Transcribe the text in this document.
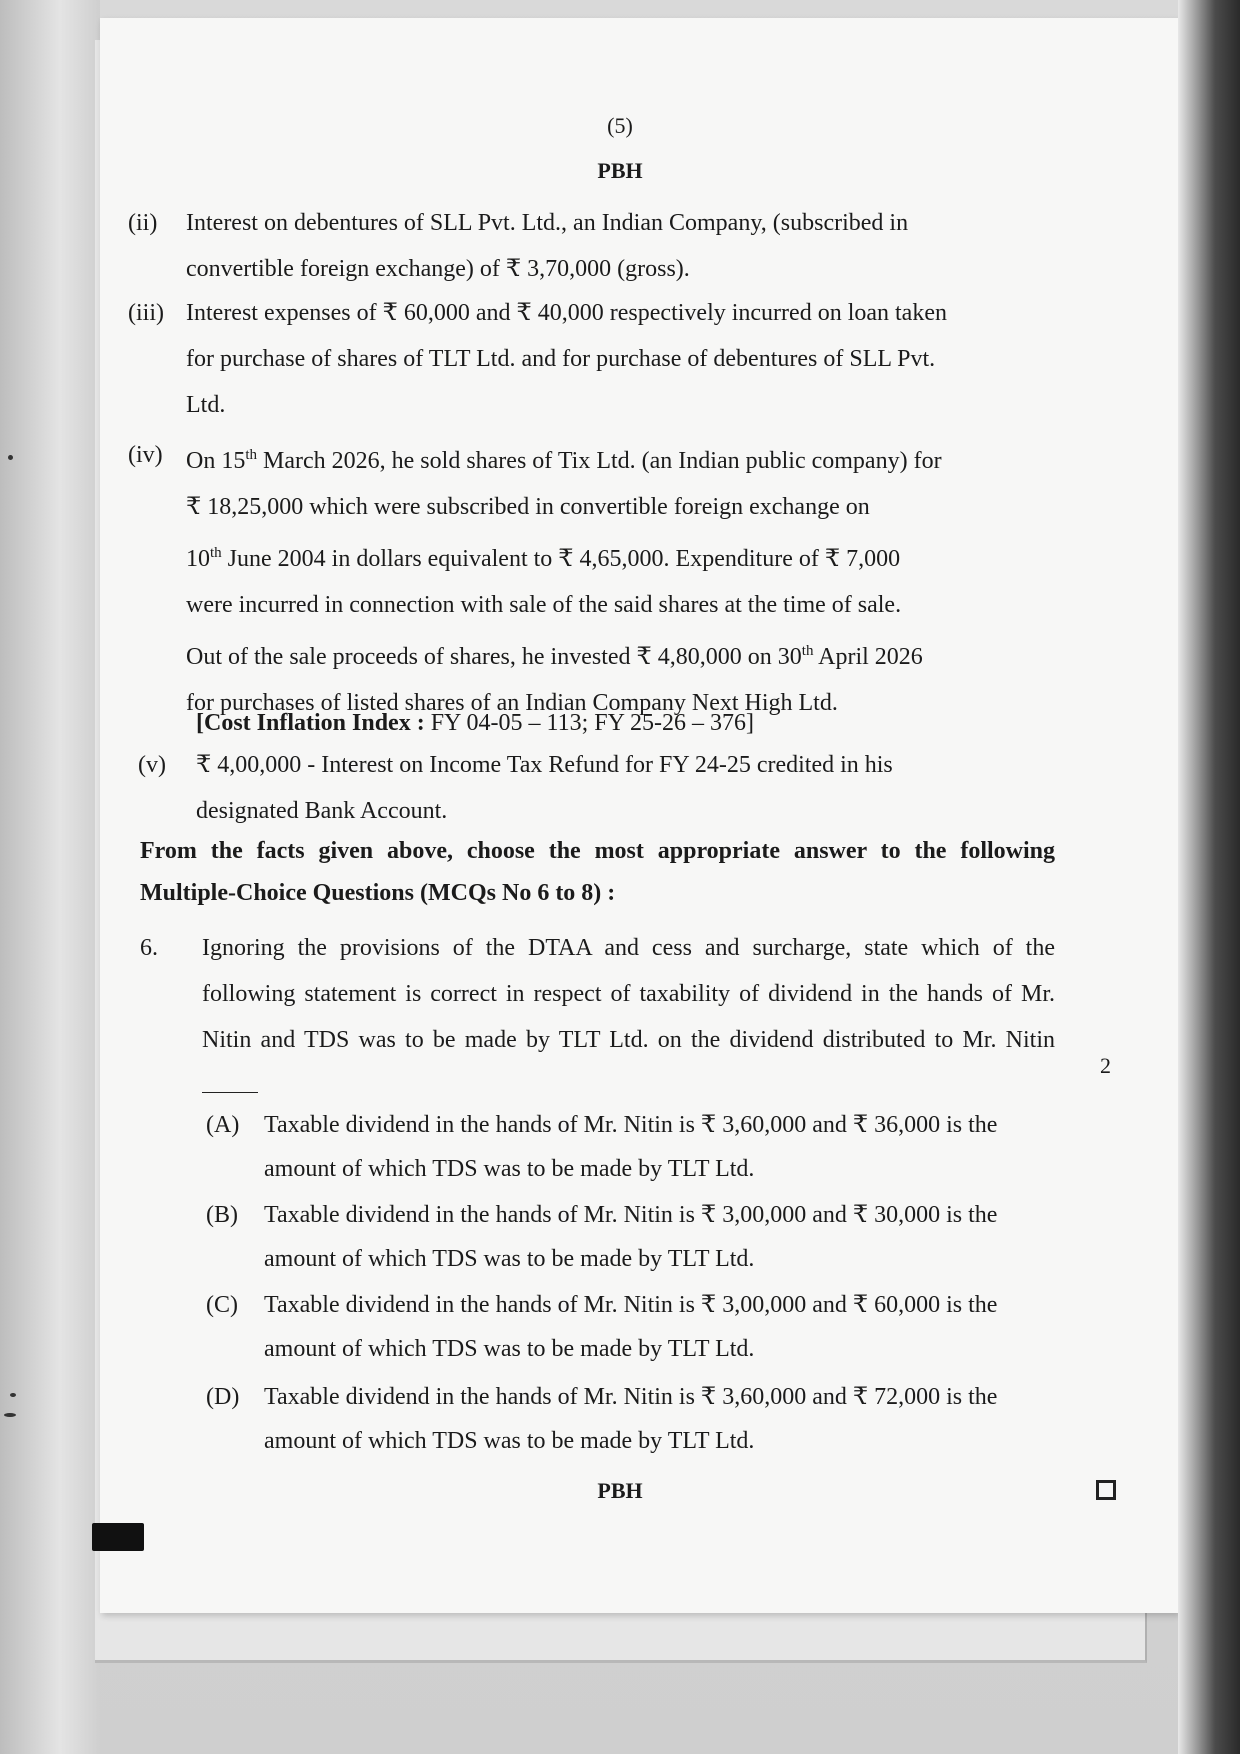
(5)
PBH
(ii) Interest on debentures of SLL Pvt. Ltd., an Indian Company, (subscribed in

convertible foreign exchange) of ₹ 3,70,000 (gross).

(iii) Interest expenses of ₹ 60,000 and ₹ 40,000 respectively incurred on loan taken

for purchase of shares of TLT Ltd. and for purchase of debentures of SLL Pvt.

Ltd.

(iv) On 15th March 2026, he sold shares of Tix Ltd. (an Indian public company) for

₹ 18,25,000 which were subscribed in convertible foreign exchange on

10th June 2004 in dollars equivalent to ₹ 4,65,000. Expenditure of ₹ 7,000

were incurred in connection with sale of the said shares at the time of sale.

Out of the sale proceeds of shares, he invested ₹ 4,80,000 on 30th April 2026

for purchases of listed shares of an Indian Company Next High Ltd.

[Cost Inflation Index : FY 04-05 – 113; FY 25-26 – 376]
(v) ₹ 4,00,000 - Interest on Income Tax Refund for FY 24-25 credited in his

designated Bank Account.

From the facts given above, choose the most appropriate answer to the following Multiple-Choice Questions (MCQs No 6 to 8) :
6. Ignoring the provisions of the DTAA and cess and surcharge, state which of the following statement is correct in respect of taxability of dividend in the hands of Mr. Nitin and TDS was to be made by TLT Ltd. on the dividend distributed to Mr. Nitin
2
(A) Taxable dividend in the hands of Mr. Nitin is ₹ 3,60,000 and ₹ 36,000 is the amount of which TDS was to be made by TLT Ltd.
(B) Taxable dividend in the hands of Mr. Nitin is ₹ 3,00,000 and ₹ 30,000 is the amount of which TDS was to be made by TLT Ltd.
(C) Taxable dividend in the hands of Mr. Nitin is ₹ 3,00,000 and ₹ 60,000 is the amount of which TDS was to be made by TLT Ltd.
(D) Taxable dividend in the hands of Mr. Nitin is ₹ 3,60,000 and ₹ 72,000 is the amount of which TDS was to be made by TLT Ltd.
PBH
